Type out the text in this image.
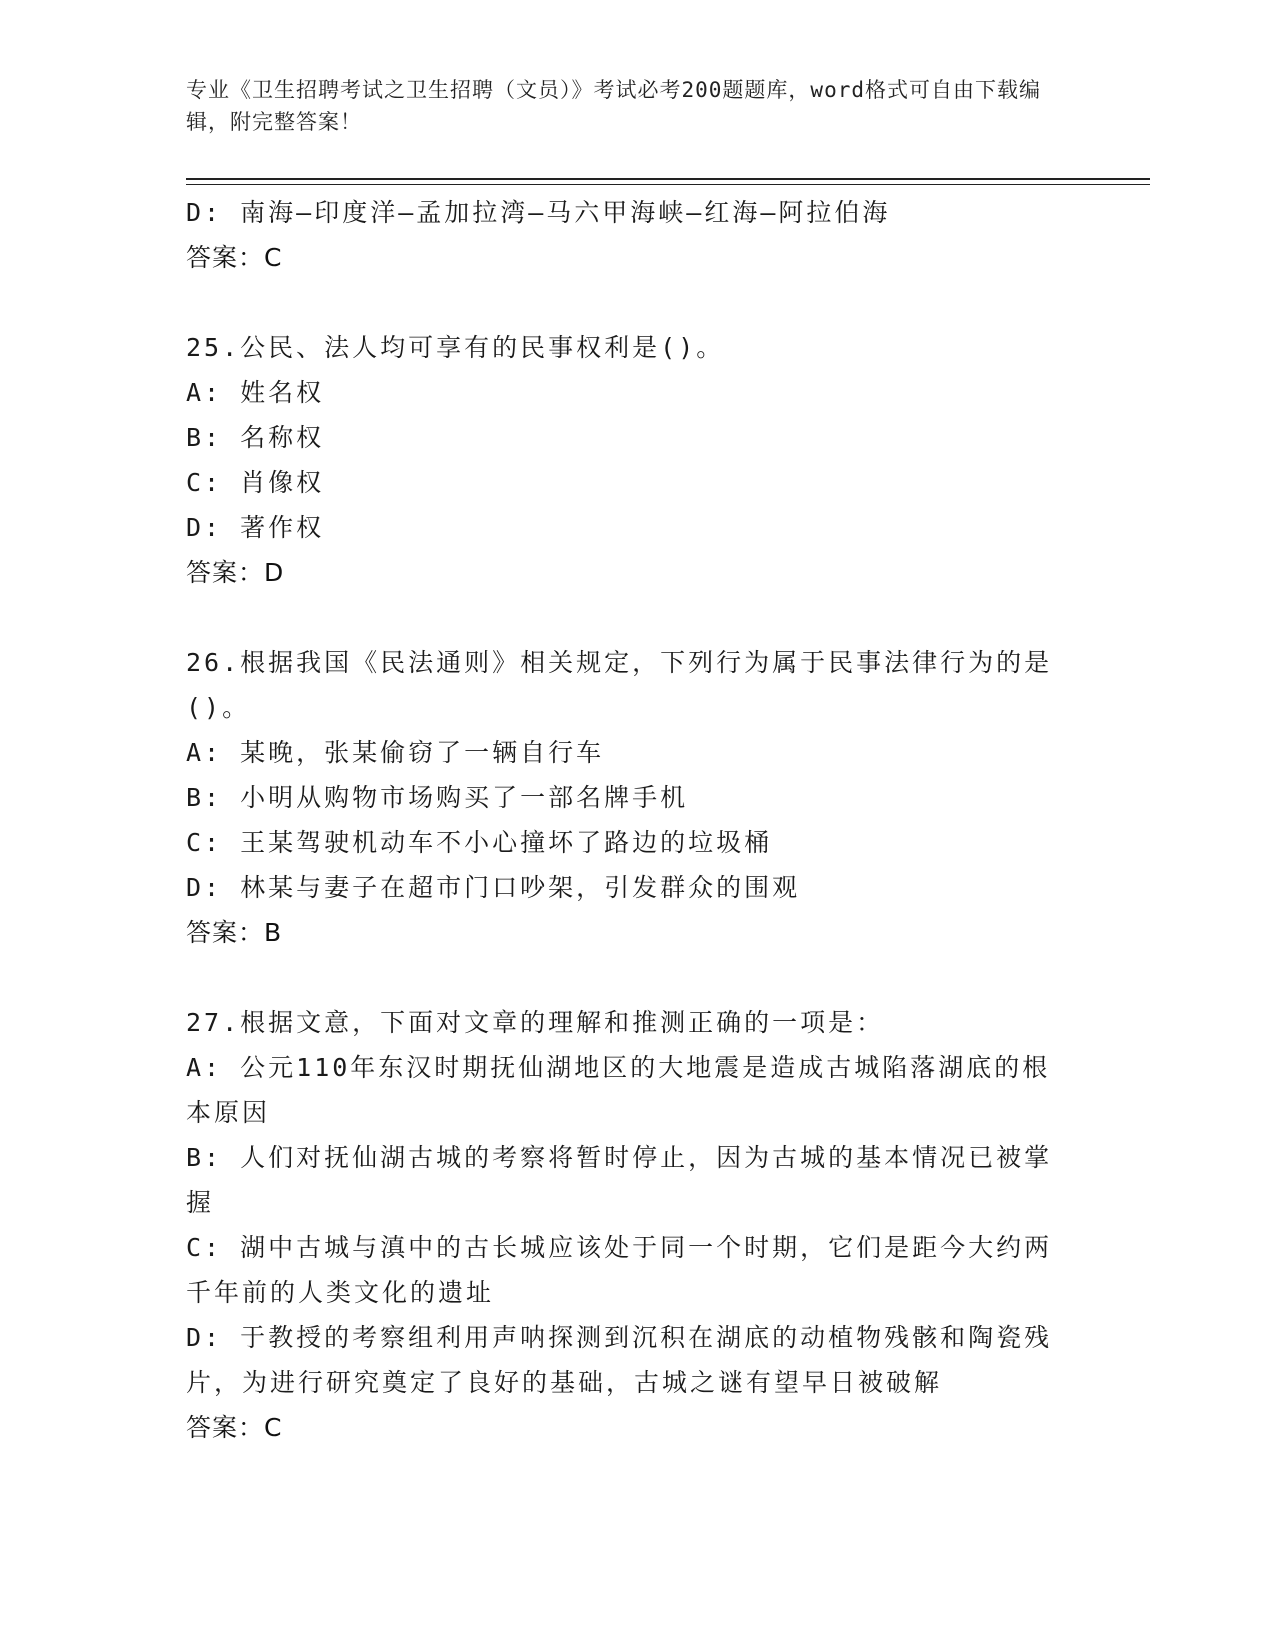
专业《卫生招聘考试之卫生招聘（文员）》考试必考200题题库，word格式可自由下载编辑，附完整答案！
D: 南海—印度洋—孟加拉湾—马六甲海峡—红海—阿拉伯海
答案：C
25.公民、法人均可享有的民事权利是()。
A: 姓名权
B: 名称权
C: 肖像权
D: 著作权
答案：D
26.根据我国《民法通则》相关规定，下列行为属于民事法律行为的是()。
A: 某晚，张某偷窃了一辆自行车
B: 小明从购物市场购买了一部名牌手机
C: 王某驾驶机动车不小心撞坏了路边的垃圾桶
D: 林某与妻子在超市门口吵架，引发群众的围观
答案：B
27.根据文意，下面对文章的理解和推测正确的一项是：
A: 公元110年东汉时期抚仙湖地区的大地震是造成古城陷落湖底的根本原因
B: 人们对抚仙湖古城的考察将暂时停止，因为古城的基本情况已被掌握
C: 湖中古城与滇中的古长城应该处于同一个时期，它们是距今大约两千年前的人类文化的遗址
D: 于教授的考察组利用声呐探测到沉积在湖底的动植物残骸和陶瓷残片，为进行研究奠定了良好的基础，古城之谜有望早日被破解
答案：C
